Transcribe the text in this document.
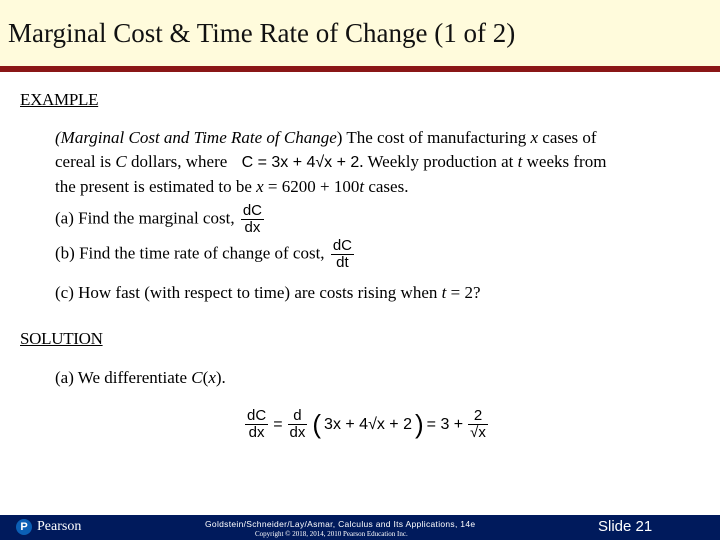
Marginal Cost & Time Rate of Change (1 of 2)
EXAMPLE
(Marginal Cost and Time Rate of Change) The cost of manufacturing x cases of
cereal is C dollars, where C = 3x + 4√x + 2. Weekly production at t weeks from
the present is estimated to be x = 6200 + 100t cases.
(a) Find the marginal cost, $\frac{dC}{dx}$
(b) Find the time rate of change of cost, $\frac{dC}{dt}$
(c) How fast (with respect to time) are costs rising when t = 2?
SOLUTION
(a) We differentiate C(x).
$\frac{dC}{dx} = \frac{d}{dx}$ ( 3x + 4√x + 2 ) = $3 + \frac{2}{√x}$
P Pearson	Goldstein/Schneider/Lay/Asmar, Calculus and Its Applications, 14e
Copyright © 2018, 2014, 2010 Pearson Education Inc.	Slide 21
